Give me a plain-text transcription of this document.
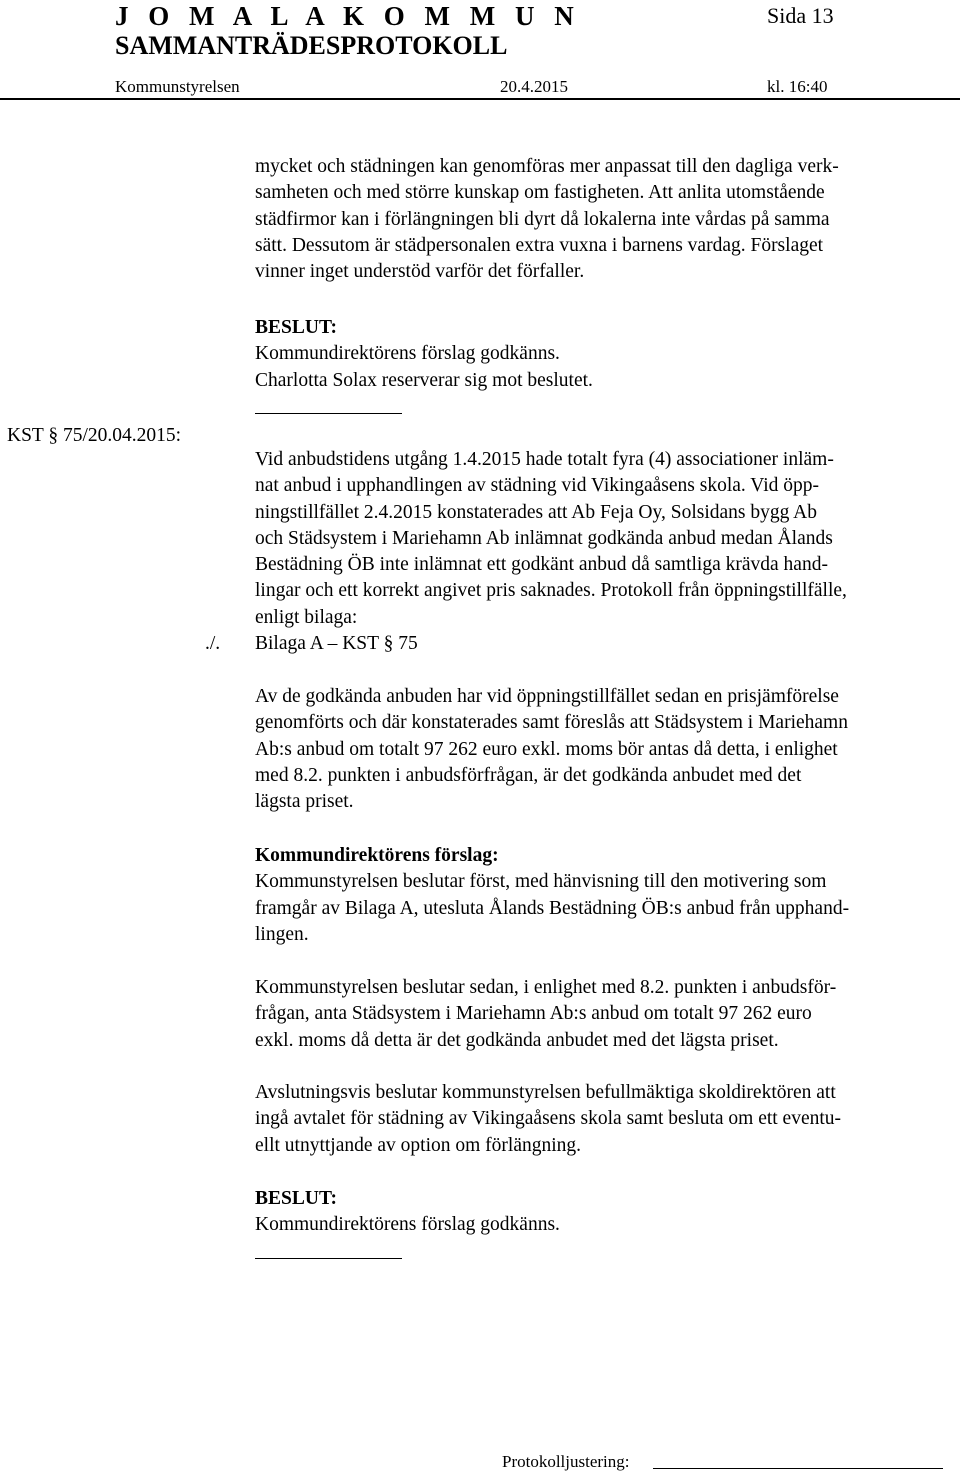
J O M A L A K O M M U N
SAMMANTRÄDESPROTOKOLL
Sida 13
Kommunstyrelsen	20.4.2015	kl. 16:40
mycket och städningen kan genomföras mer anpassat till den dagliga verk-
samheten och med större kunskap om fastigheten. Att anlita utomstående
städfirmor kan i förlängningen bli dyrt då lokalerna inte vårdas på samma
sätt. Dessutom är städpersonalen extra vuxna i barnens vardag. Förslaget
vinner inget understöd varför det förfaller.
BESLUT:
Kommundirektörens förslag godkänns.
Charlotta Solax reserverar sig mot beslutet.
KST § 75/20.04.2015:
Vid anbudstidens utgång 1.4.2015 hade totalt fyra (4) associationer inläm-
nat anbud i upphandlingen av städning vid Vikingaåsens skola. Vid öpp-
ningstillfället 2.4.2015 konstaterades att Ab Feja Oy, Solsidans bygg Ab
och Städsystem i Mariehamn Ab inlämnat godkända anbud medan Ålands
Bestädning ÖB inte inlämnat ett godkänt anbud då samtliga krävda hand-
lingar och ett korrekt angivet pris saknades. Protokoll från öppningstillfälle,
enligt bilaga:
Bilaga A – KST § 75
./.
Av de godkända anbuden har vid öppningstillfället sedan en prisjämförelse
genomförts och där konstaterades samt föreslås att Städsystem i Mariehamn
Ab:s anbud om totalt 97 262 euro exkl. moms bör antas då detta, i enlighet
med 8.2. punkten i anbudsförfrågan, är det godkända anbudet med det
lägsta priset.
Kommundirektörens förslag:
Kommunstyrelsen beslutar först, med hänvisning till den motivering som
framgår av Bilaga A, utesluta Ålands Bestädning ÖB:s anbud från upphand-
lingen.
Kommunstyrelsen beslutar sedan, i enlighet med 8.2. punkten i anbudsför-
frågan, anta Städsystem i Mariehamn Ab:s anbud om totalt 97 262 euro
exkl. moms då detta är det godkända anbudet med det lägsta priset.
Avslutningsvis beslutar kommunstyrelsen befullmäktiga skoldirektören att
ingå avtalet för städning av Vikingaåsens skola samt besluta om ett eventu-
ellt utnyttjande av option om förlängning.
BESLUT:
Kommundirektörens förslag godkänns.
Protokolljustering:
